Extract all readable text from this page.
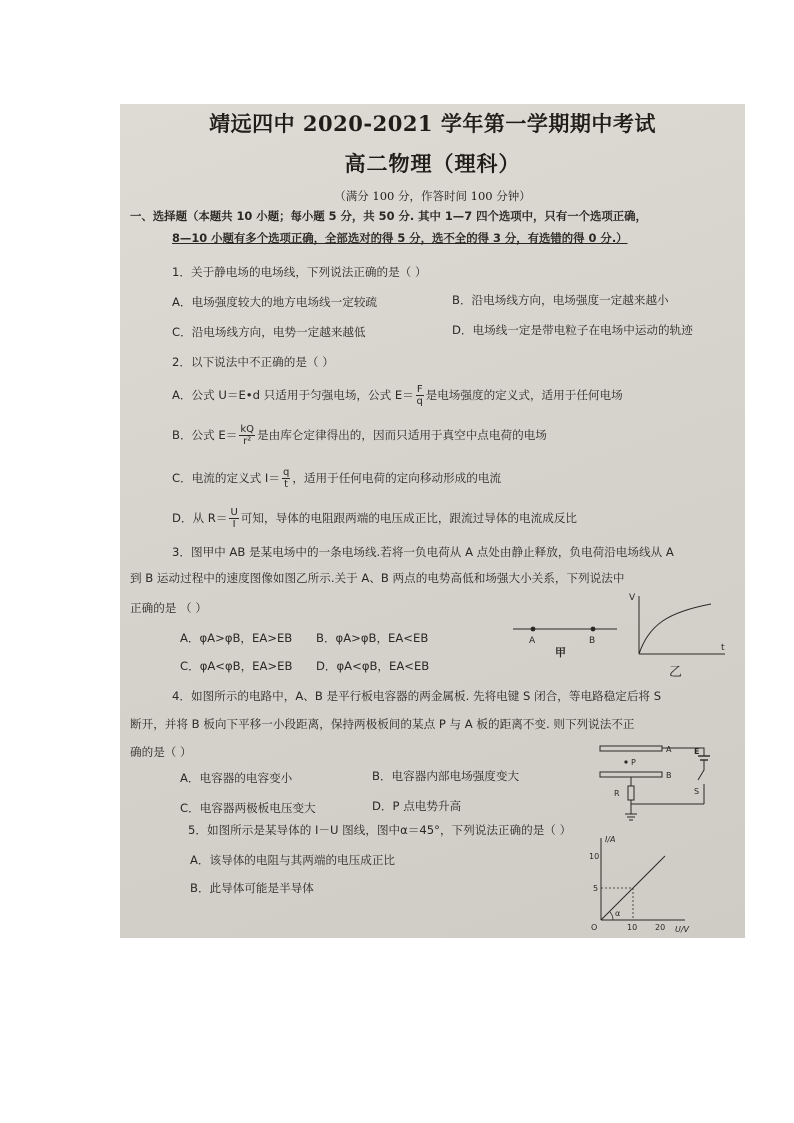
靖远四中 2020-2021 学年第一学期期中考试
高二物理（理科）
（满分 100 分，作答时间 100 分钟）
一、选择题（本题共 10 小题；每小题 5 分，共 50 分. 其中 1—7 四个选项中，只有一个选项正确，
8—10 小题有多个选项正确，全部选对的得 5 分，选不全的得 3 分，有选错的得 0 分.）
1．关于静电场的电场线，下列说法正确的是（ ）
A．电场强度较大的地方电场线一定较疏	B．沿电场线方向，电场强度一定越来越小
C．沿电场线方向，电势一定越来越低	D．电场线一定是带电粒子在电场中运动的轨迹
2．以下说法中不正确的是（ ）
A．公式 U＝E•d 只适用于匀强电场，公式 $E= \frac{F}{q}$ 是电场强度的定义式，适用于任何电场
B．公式 $E= \frac{kQ}{\text{r²}}$ 是由库仑定律得出的，因而只适用于真空中点电荷的电场
C．电流的定义式 $I= \frac{q}{t}$ ，适用于任何电荷的定向移动形成的电流
D．从 $R= \frac{U}{I}$ 可知，导体的电阻跟两端的电压成正比，跟流过导体的电流成反比
3．图甲中 AB 是某电场中的一条电场线.若将一负电荷从 A 点处由静止释放，负电荷沿电场线从 A
到 B 运动过程中的速度图像如图乙所示.关于 A、B 两点的电势高低和场强大小关系，下列说法中
正确的是 （ ）
A．φA>φB，EA>EB B．φA>φB，EA<EB
C．φA<φB，EA>EB D．φA<φB，EA<EB
A	B
甲
V
t
乙
4．如图所示的电路中，A、B 是平行板电容器的两金属板. 先将电键 S 闭合，等电路稳定后将 S
断开，并将 B 板向下平移一小段距离，保持两极板间的某点 P 与 A 板的距离不变. 则下列说法不正
确的是（ ）
A．电容器的电容变小	B．电容器内部电场强度变大
C．电容器两极板电压变大	D．P 点电势升高
A
B
P
E
S
R
5．如图所示是某导体的 I－U 图线，图中α＝45°，下列说法正确的是（ ）
A．该导体的电阻与其两端的电压成正比
B．此导体可能是半导体
I/A
U/V
10
5
10 20
O
α
